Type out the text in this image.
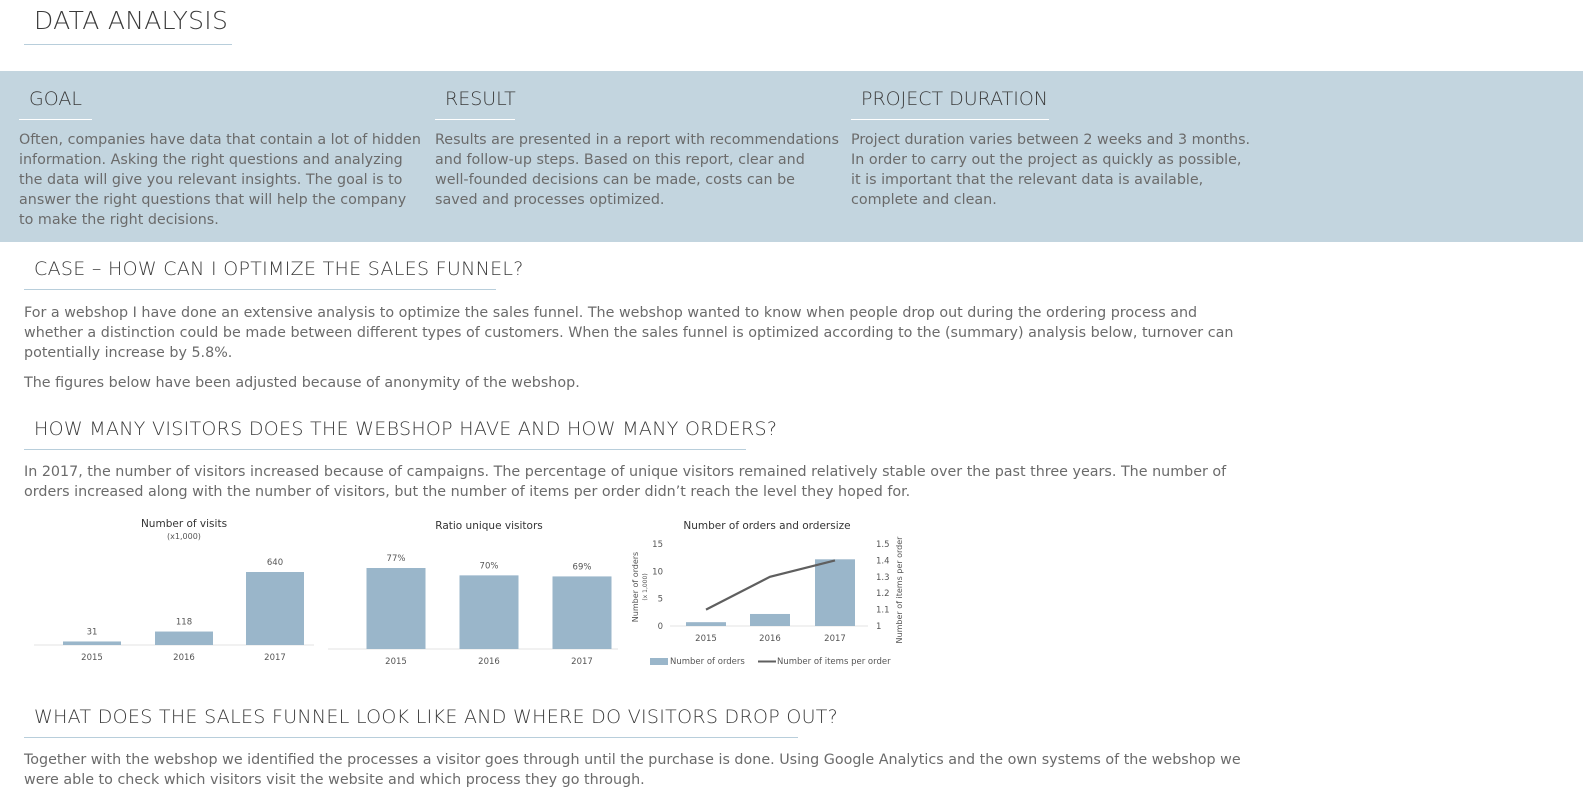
DATA ANALYSIS
GOAL

Often, companies have data that contain a lot of hidden information. Asking the right questions and analyzing the data will give you relevant insights. The goal is to answer the right questions that will help the company to make the right decisions.

RESULT

Results are presented in a report with recommendations and follow-up steps. Based on this report, clear and well-founded decisions can be made, costs can be saved and processes optimized.

PROJECT DURATION

Project duration varies between 2 weeks and 3 months. In order to carry out the project as quickly as possible, it is important that the relevant data is available, complete and clean.

CASE – HOW CAN I OPTIMIZE THE SALES FUNNEL?

For a webshop I have done an extensive analysis to optimize the sales funnel. The webshop wanted to know when people drop out during the ordering process and whether a distinction could be made between different types of customers. When the sales funnel is optimized according to the (summary) analysis below, turnover can potentially increase by 5.8%.

The figures below have been adjusted because of anonymity of the webshop.

HOW MANY VISITORS DOES THE WEBSHOP HAVE AND HOW MANY ORDERS?

In 2017, the number of visitors increased because of campaigns. The percentage of unique visitors remained relatively stable over the past three years. The number of orders increased along with the number of visitors, but the number of items per order didn’t reach the level they hoped for.

Number of visits
(x1,000)
31
2015
118
2016
640
2017
Ratio unique visitors
77%
2015
70%
2016
69%
2017
Number of orders and ordersize
0
5
10
15
1
1.1
1.2
1.3
1.4
1.5
Number of orders (x 1,000)	Number of items per order
2015	2016	2017
Number of orders	Number of items per order
WHAT DOES THE SALES FUNNEL LOOK LIKE AND WHERE DO VISITORS DROP OUT?

Together with the webshop we identified the processes a visitor goes through until the purchase is done. Using Google Analytics and the own systems of the webshop we were able to check which visitors visit the website and which process they go through.
